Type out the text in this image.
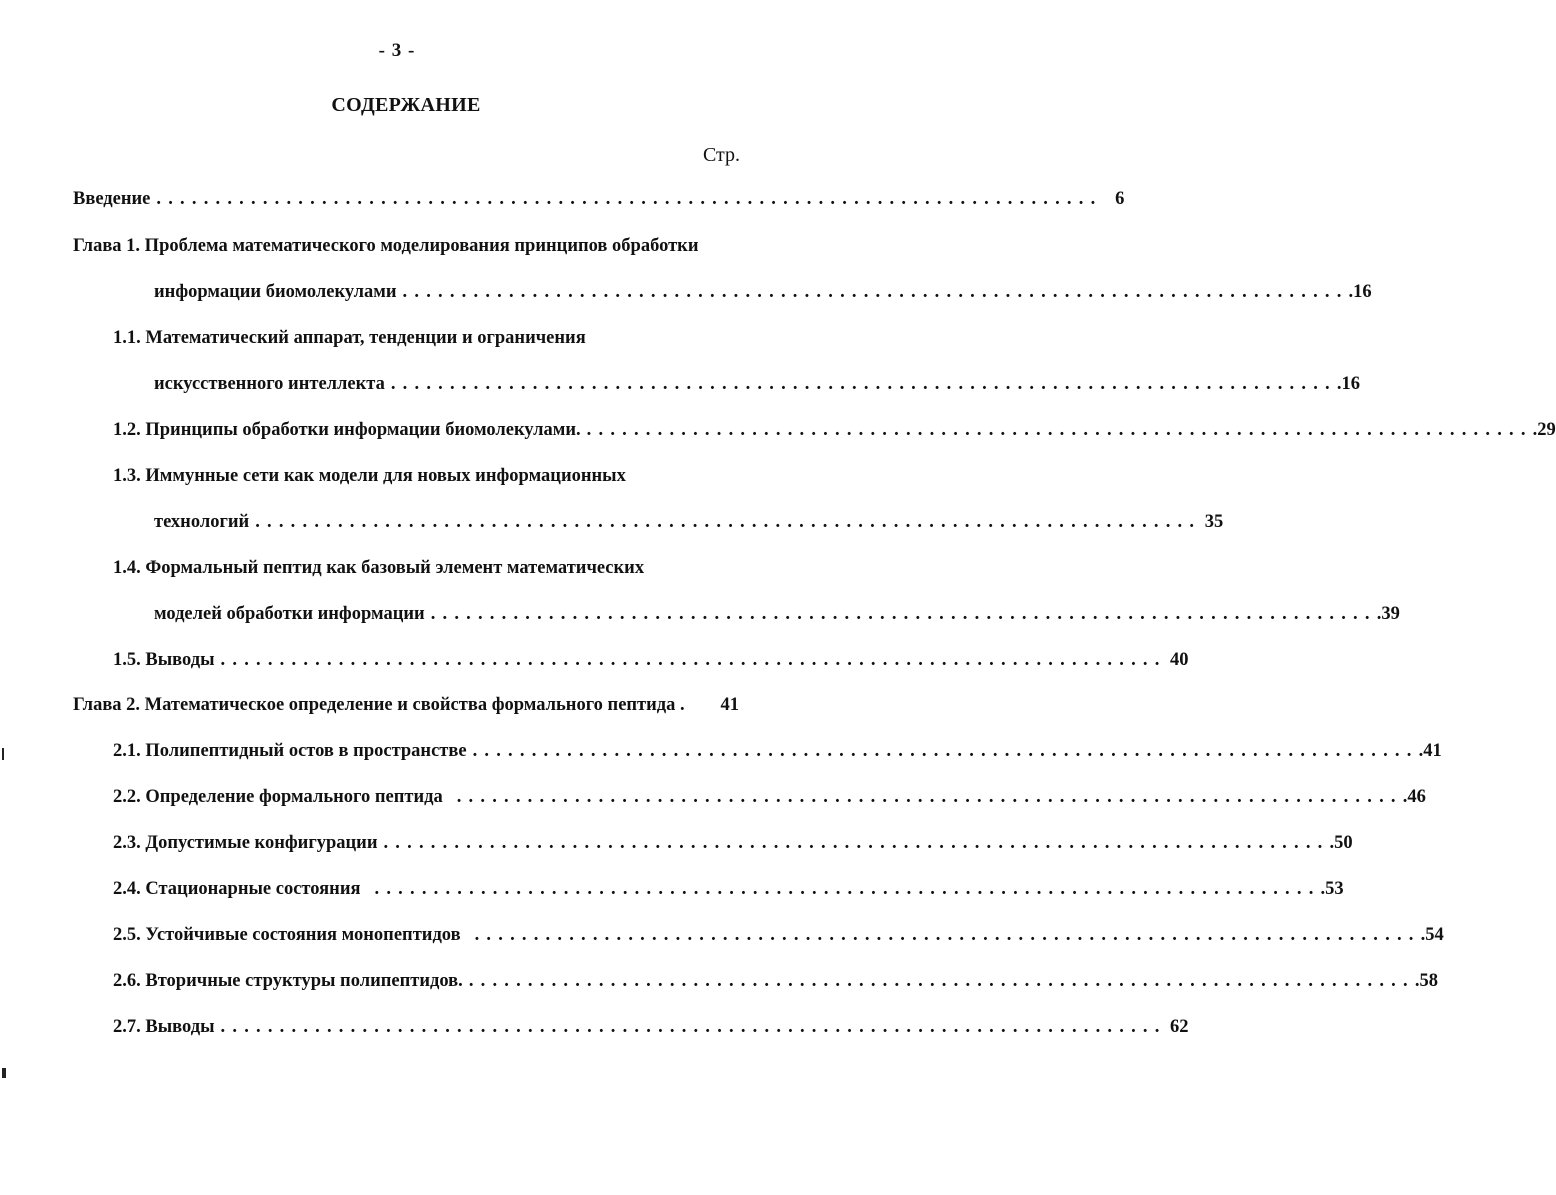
- 3 -
СОДЕРЖАНИЕ
Стр.
Введение ................................................................................ 6
Глава 1. Проблема математического моделирования принципов обработки
информации биомолекулами ................................................................................ .16
1.1. Математический аппарат, тенденции и ограничения
искусственного интеллекта ................................................................................ .16
1.2. Принципы обработки информации биомолекулами. ................................................................................ .29
1.3. Иммунные сети как модели для новых информационных
технологий ................................................................................ 35
1.4. Формальный пептид как базовый элемент математических
моделей обработки информации ................................................................................ .39
1.5. Выводы ................................................................................ 40
Глава 2. Математическое определение и свойства формального пептида . 41
2.1. Полипептидный остов в пространстве ................................................................................ .41
2.2. Определение формального пептида ................................................................................ .46
2.3. Допустимые конфигурации ................................................................................ .50
2.4. Стационарные состояния ................................................................................ .53
2.5. Устойчивые состояния монопептидов ................................................................................ .54
2.6. Вторичные структуры полипептидов. ................................................................................ .58
2.7. Выводы ................................................................................ 62
